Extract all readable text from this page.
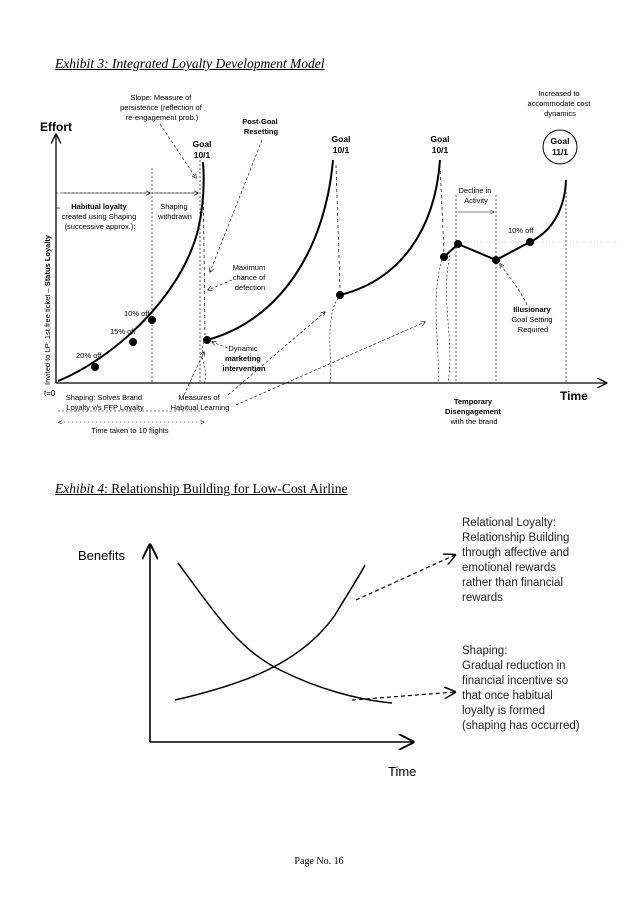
Exhibit 3: Integrated Loyalty Development Model
Effort
Time
t=0
Invited to LP: 1st free ticket – Status Loyalty
<	>
Goal 10/1
Goal 10/1
Goal 10/1
Goal 11/1
20% off
15% off
10% off
10% off
Slope: Measure of persistence (reflection of re-engagement prob.)	Post-Goal Resetting
Habitual loyalty created using Shaping (successive approx.):
Shaping withdrawn
Maximum chance of defection
Dynamic marketing intervention
Measures of Habitual Learning
Shaping: Solves Brand Loyalty v/s FFP Loyalty
Time taken to 10 flights
Decline in Activity
Temporary Disengagement with the brand
Illusionary Goal Setting Required
Increased to accommodate cost dynamics
Exhibit 4: Relationship Building for Low-Cost Airline
Benefits
Time
Relational Loyalty: Relationship Building through affective and emotional rewards rather than financial rewards
Shaping: Gradual reduction in financial incentive so that once habitual loyalty is formed (shaping has occurred)
Page No. 16
